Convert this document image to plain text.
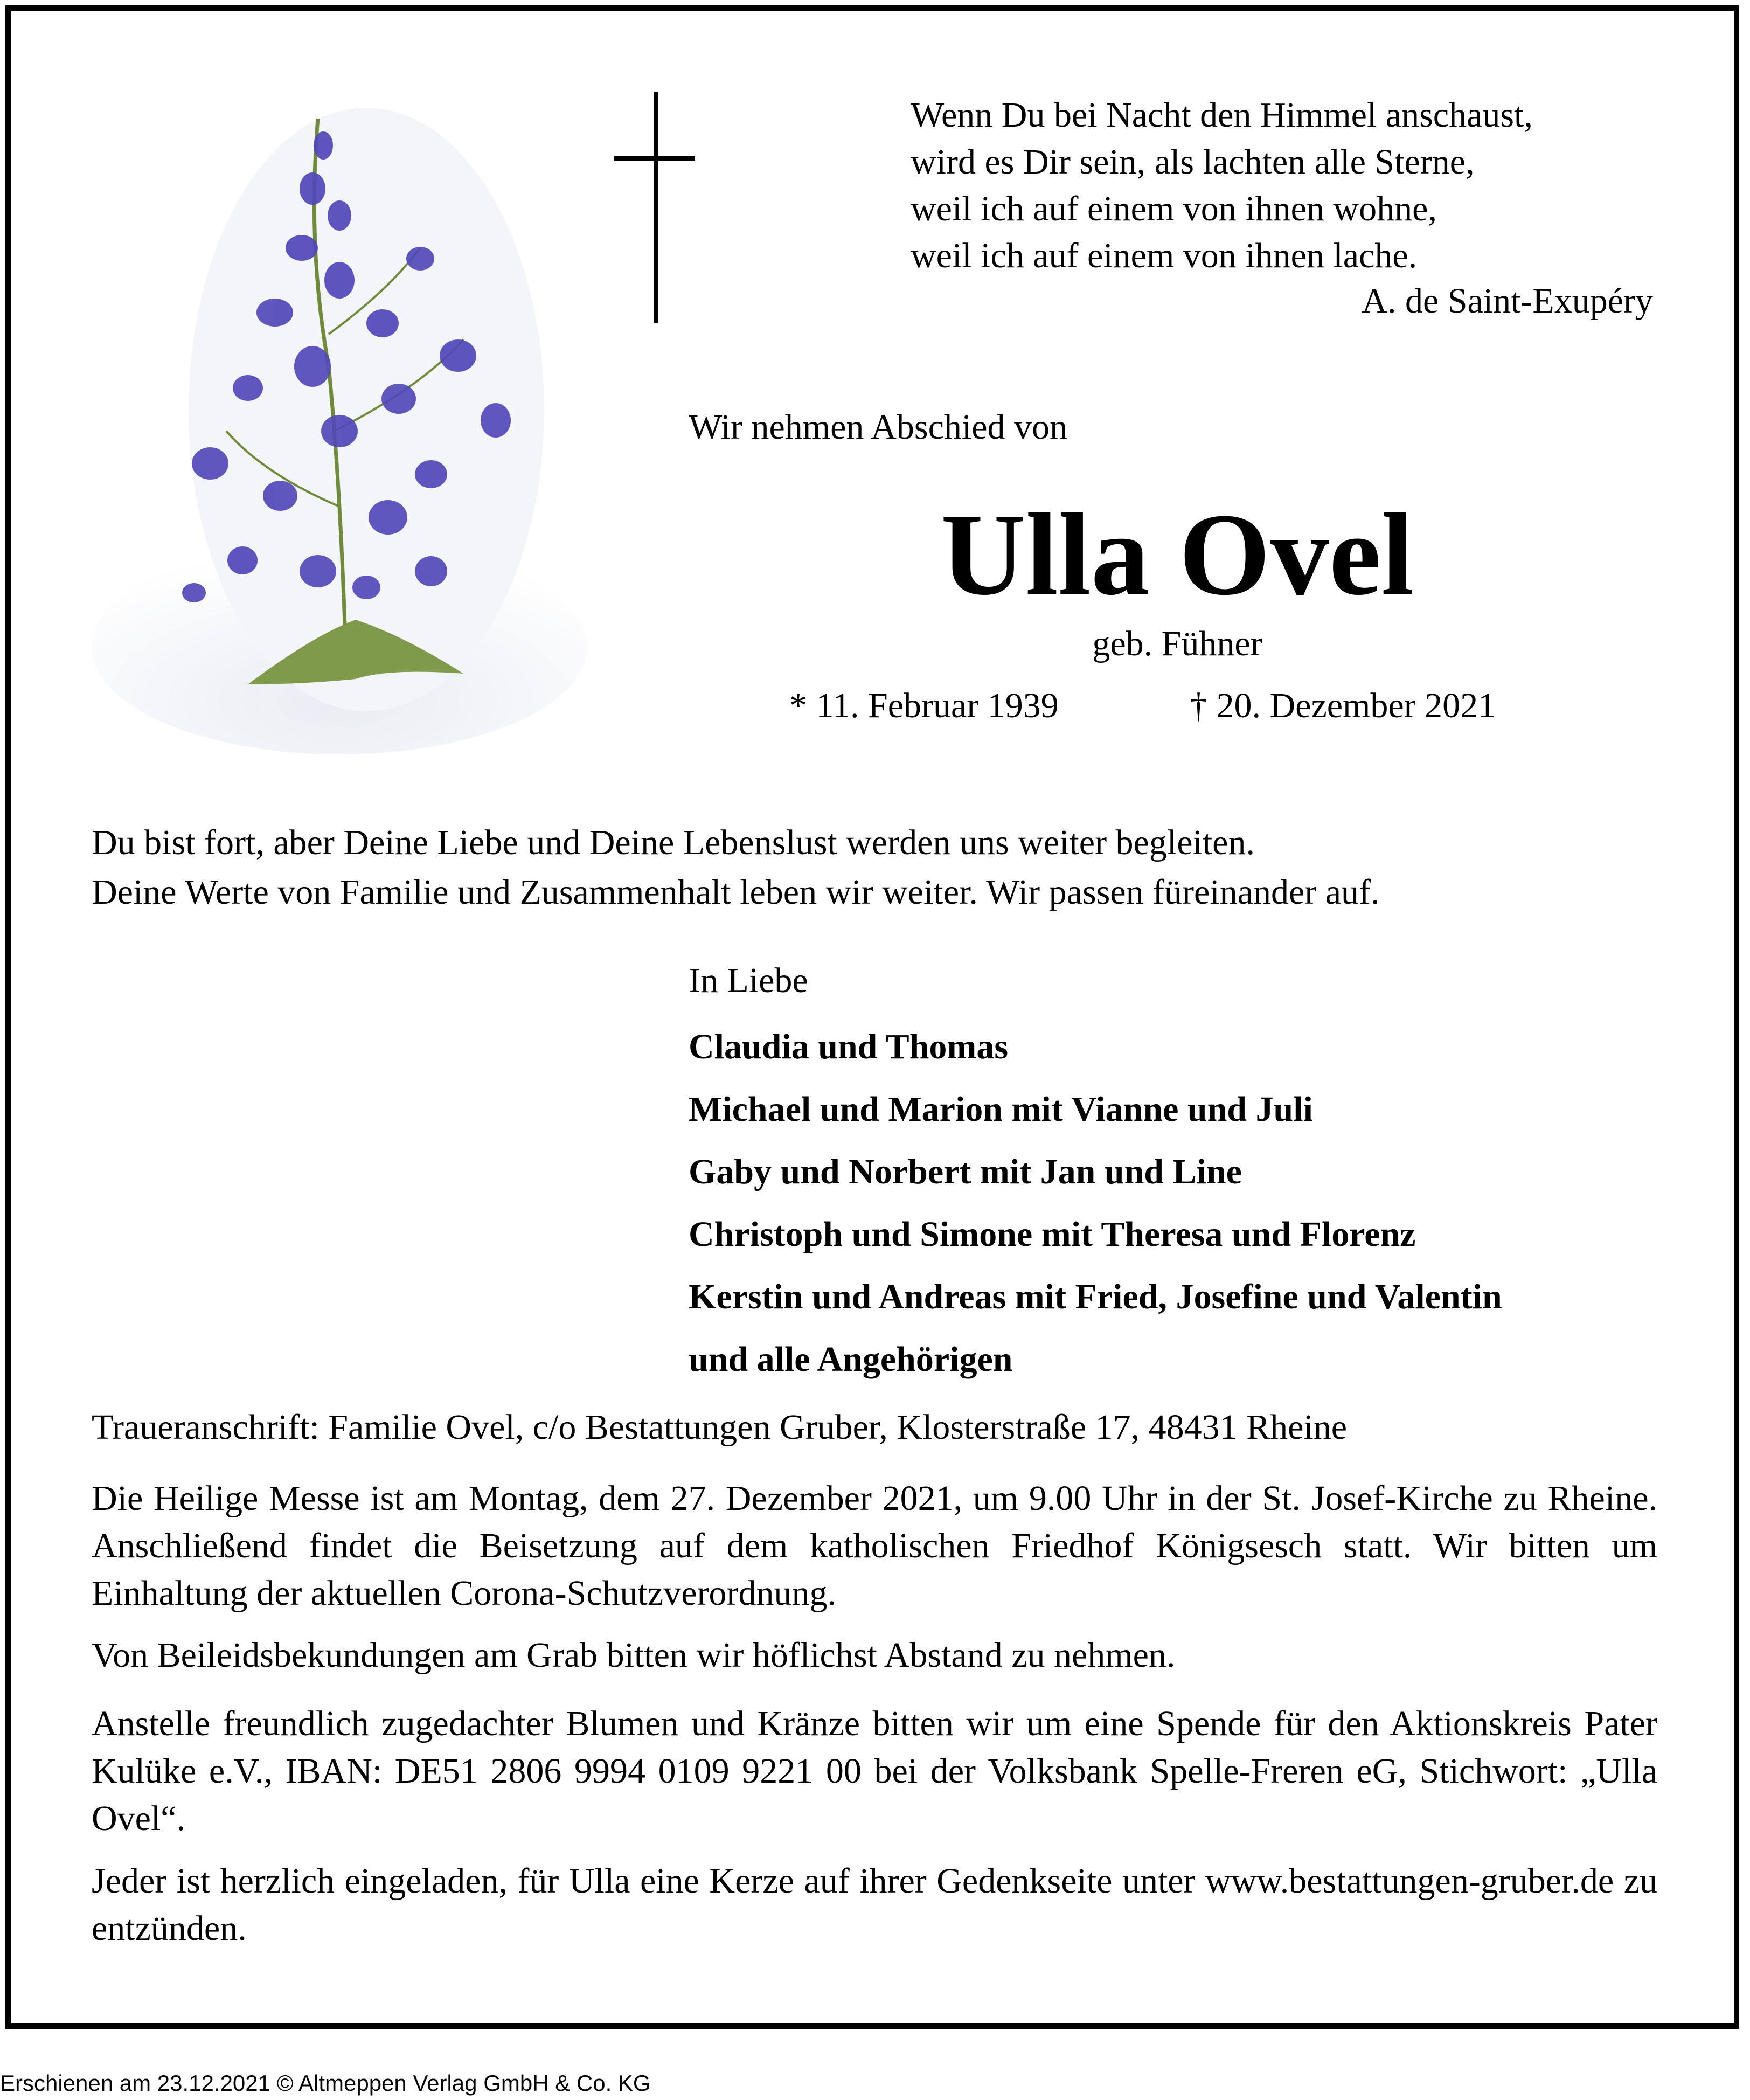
Wenn Du bei Nacht den Himmel anschaust,
wird es Dir sein, als lachten alle Sterne,
weil ich auf einem von ihnen wohne,
weil ich auf einem von ihnen lache.
A. de Saint-Exupéry
Wir nehmen Abschied von
Ulla Ovel
geb. Fühner
* 11. Februar 1939	† 20. Dezember 2021
Du bist fort, aber Deine Liebe und Deine Lebenslust werden uns weiter begleiten.
Deine Werte von Familie und Zusammenhalt leben wir weiter. Wir passen füreinander auf.
In Liebe
Claudia und Thomas
Michael und Marion mit Vianne und Juli
Gaby und Norbert mit Jan und Line
Christoph und Simone mit Theresa und Florenz
Kerstin und Andreas mit Fried, Josefine und Valentin
und alle Angehörigen
Traueranschrift: Familie Ovel, c/o Bestattungen Gruber, Klosterstraße 17, 48431 Rheine
Die Heilige Messe ist am Montag, dem 27. Dezember 2021, um 9.00 Uhr in der St. Josef-Kirche zu Rheine. Anschließend findet die Beisetzung auf dem katholischen Friedhof Königsesch statt. Wir bitten um Einhaltung der aktuellen Corona-Schutzverordnung.
Von Beileidsbekundungen am Grab bitten wir höflichst Abstand zu nehmen.
Anstelle freundlich zugedachter Blumen und Kränze bitten wir um eine Spende für den Aktionskreis Pater Kulüke e.V., IBAN: DE51 2806 9994 0109 9221 00 bei der Volksbank Spelle-Freren eG, Stichwort: „Ulla Ovel“.
Jeder ist herzlich eingeladen, für Ulla eine Kerze auf ihrer Gedenkseite unter www.bestattungen-gruber.de zu entzünden.
Erschienen am 23.12.2021 © Altmeppen Verlag GmbH & Co. KG
